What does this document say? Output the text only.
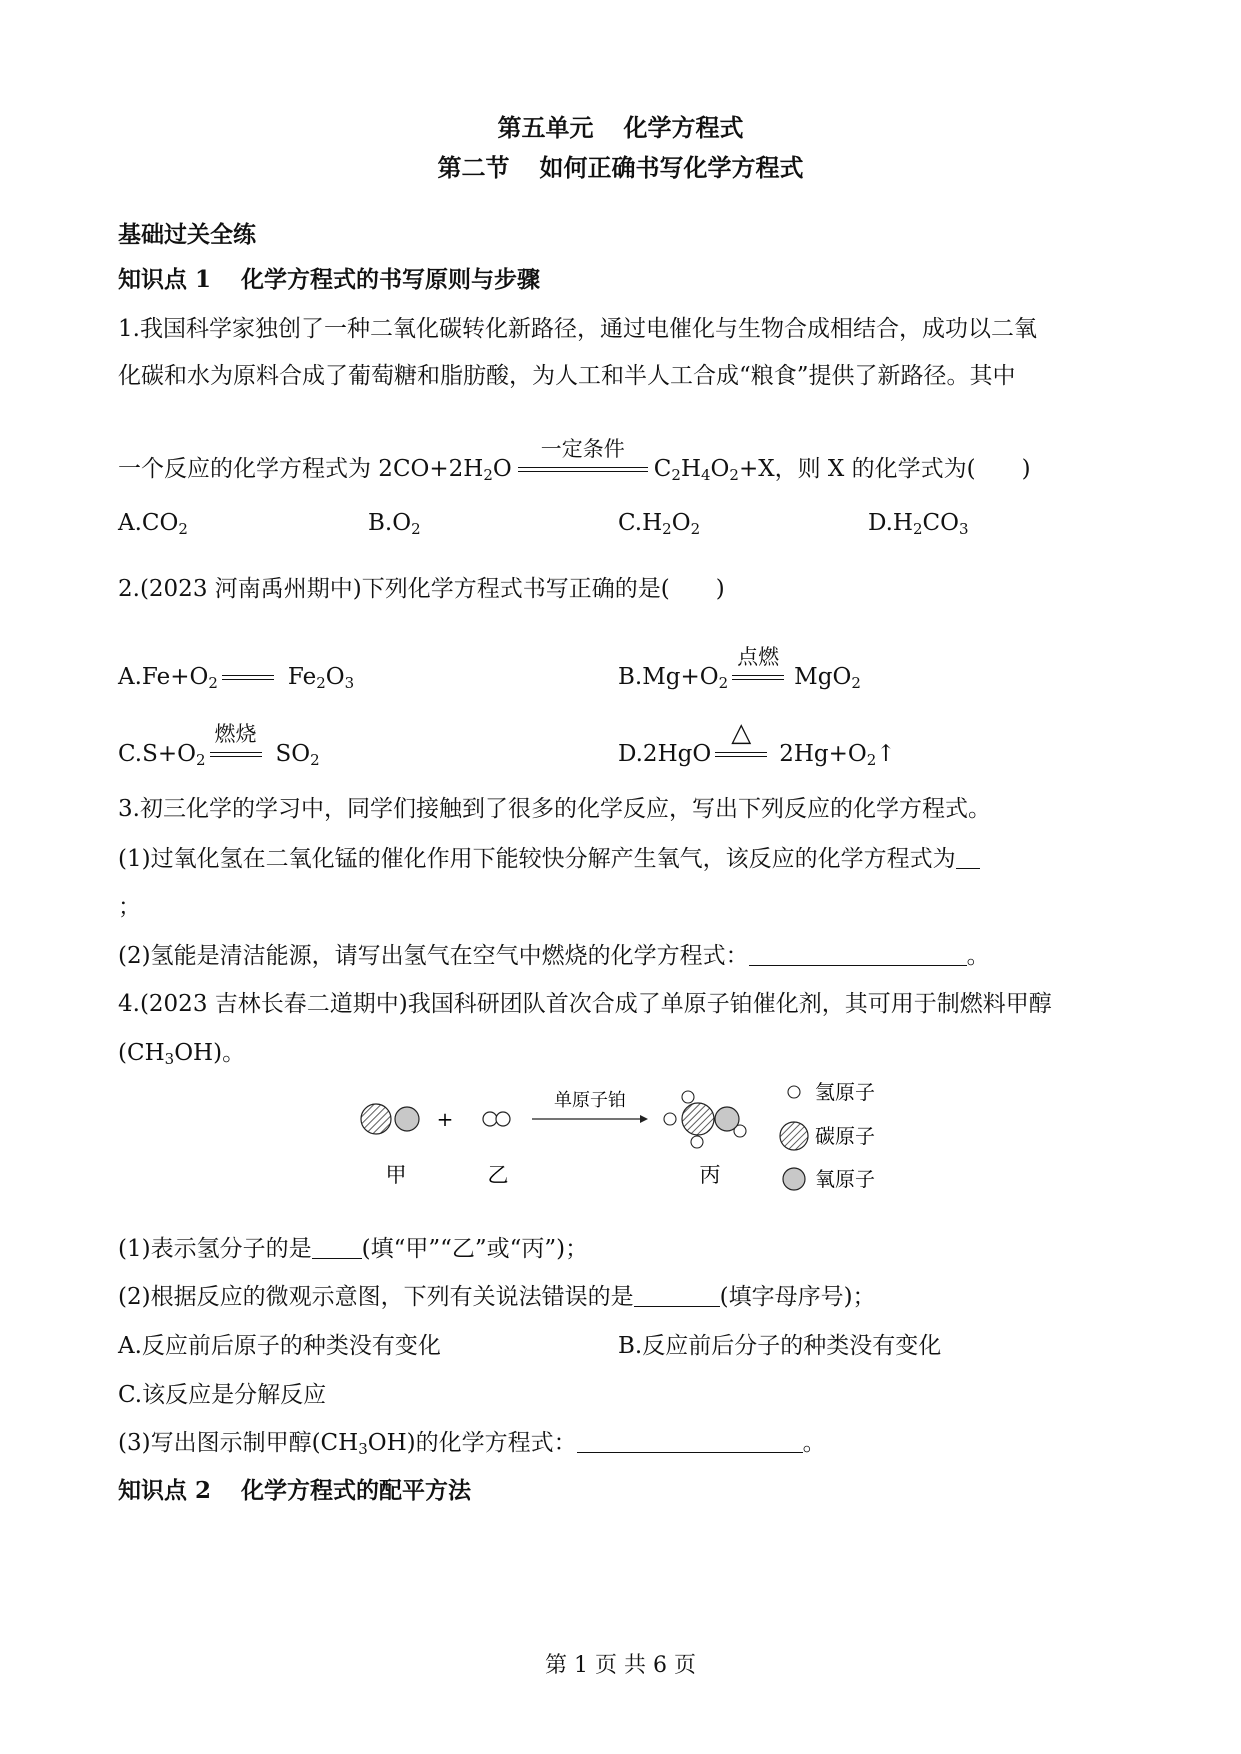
第五单元 化学方程式
第二节 如何正确书写化学方程式
基础过关全练
知识点 1 化学方程式的书写原则与步骤
1.我国科学家独创了一种二氧化碳转化新路径，通过电催化与生物合成相结合，成功以二氧
化碳和水为原料合成了葡萄糖和脂肪酸，为人工和半人工合成“粮食”提供了新路径。其中
一个反应的化学方程式为 $2CO+2H_2O$
一定条件
$C_2H_4O_2+X$，则 X 的化学式为( )
$A.CO_2$	$B.O_2$	$C.H_2O_2$	$D.H_2CO_3$
2.(2023 河南禹州期中)下列化学方程式书写正确的是( )
$A.Fe+O_2$	$Fe_2O_3$	$B.Mg+O_2$
点燃
MgO$_2$
$C.S+O_2$
燃烧
$SO_2$	D.2HgO
△
$2Hg+O_2↑$
3.初三化学的学习中，同学们接触到了很多的化学反应，写出下列反应的化学方程式。
(1)过氧化氢在二氧化锰的催化作用下能较快分解产生氧气，该反应的化学方程式为
；
(2)氢能是清洁能源，请写出氢气在空气中燃烧的化学方程式：	。
4.(2023 吉林长春二道期中)我国科研团队首次合成了单原子铂催化剂，其可用于制燃料甲醇
$(CH_3OH)$。
+
单原子铂
甲	乙	丙
氢原子
碳原子
氧原子
(1)表示氢分子的是 (填“甲”“乙”或“丙”)；
(2)根据反应的微观示意图，下列有关说法错误的是	(填字母序号)；
A.反应前后原子的种类没有变化	B.反应前后分子的种类没有变化
C.该反应是分解反应
(3)写出图示制甲醇$(CH_3OH)$的化学方程式：	。
知识点 2 化学方程式的配平方法
第 1 页 共 6 页
